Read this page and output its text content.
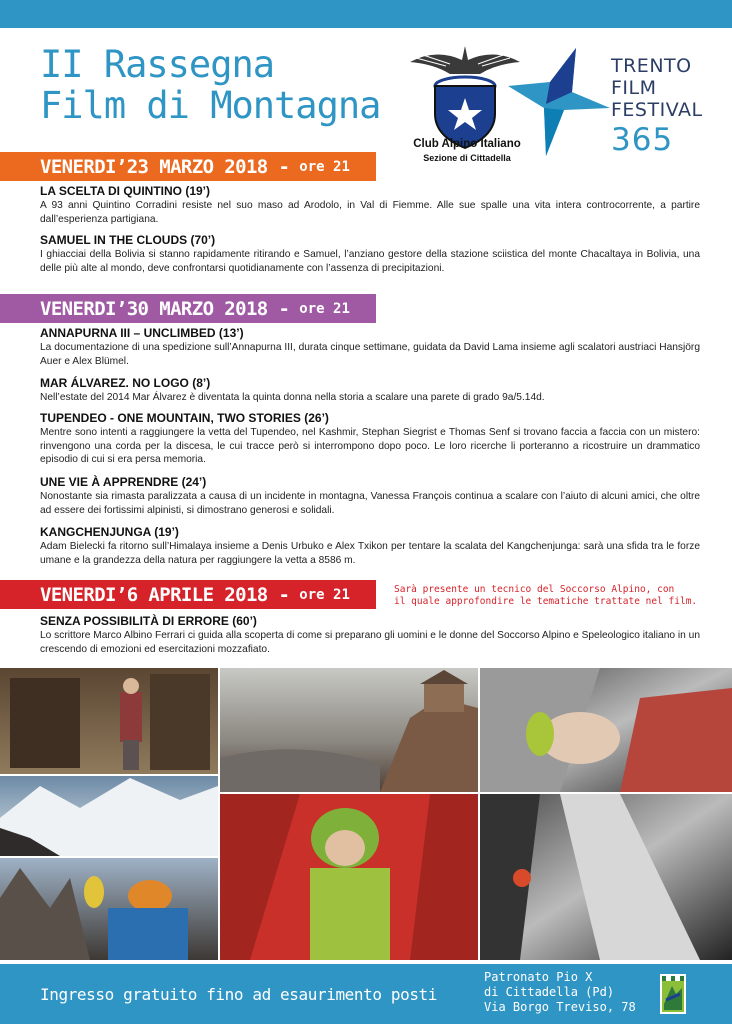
II Rassegna
Film di Montagna
Club Alpino Italiano
Sezione di Cittadella
TRENTO
FILM
FESTIVAL
365
VENERDI’23 MARZO 2018 - ore 21
LA SCELTA DI QUINTINO (19’)
A 93 anni Quintino Corradini resiste nel suo maso ad Arodolo, in Val di Fiemme. Alle sue spalle una vita intera controcorrente, a partire dall’esperienza partigiana.
SAMUEL IN THE CLOUDS (70’)
I ghiacciai della Bolivia si stanno rapidamente ritirando e Samuel, l’anziano gestore della stazione sciistica del monte Chacaltaya in Bolivia, una delle più alte al mondo, deve confrontarsi quotidianamente con l’assenza di precipitazioni.
VENERDI’30 MARZO 2018 - ore 21
ANNAPURNA III – UNCLIMBED (13’)
La documentazione di una spedizione sull’Annapurna III, durata cinque settimane, guidata da David Lama insieme agli scalatori austriaci Hansjörg Auer e Alex Blümel.
MAR ÁLVAREZ. NO LOGO (8’)
Nell’estate del 2014 Mar Álvarez è diventata la quinta donna nella storia a scalare una parete di grado 9a/5.14d.
TUPENDEO - ONE MOUNTAIN, TWO STORIES (26’)
Mentre sono intenti a raggiungere la vetta del Tupendeo, nel Kashmir, Stephan Siegrist e Thomas Senf si trovano faccia a faccia con un mistero: rinvengono una corda per la discesa, le cui tracce però si interrompono dopo poco. Le loro ricerche li porteranno a ricostruire un drammatico episodio di cui si era persa memoria.
UNE VIE À APPRENDRE (24’)
Nonostante sia rimasta paralizzata a causa di un incidente in montagna, Vanessa François continua a scalare con l’aiuto di alcuni amici, che oltre ad essere dei fortissimi alpinisti, si dimostrano generosi e solidali.
KANGCHENJUNGA (19’)
Adam Bielecki fa ritorno sull’Himalaya insieme a Denis Urbuko e Alex Txikon per tentare la scalata del Kangchenjunga: sarà una sfida tra le forze umane e la grandezza della natura per raggiungere la vetta a 8586 m.
VENERDI’6 APRILE 2018 - ore 21	Sarà presente un tecnico del Soccorso Alpino, con
il quale approfondire le tematiche trattate nel film.
SENZA POSSIBILITÀ DI ERRORE (60’)
Lo scrittore Marco Albino Ferrari ci guida alla scoperta di come si preparano gli uomini e le donne del Soccorso Alpino e Speleologico italiano in un crescendo di emozioni ed esercitazioni mozzafiato.
Ingresso gratuito fino ad esaurimento posti
Patronato Pio X
di Cittadella (Pd)
Via Borgo Treviso, 78
